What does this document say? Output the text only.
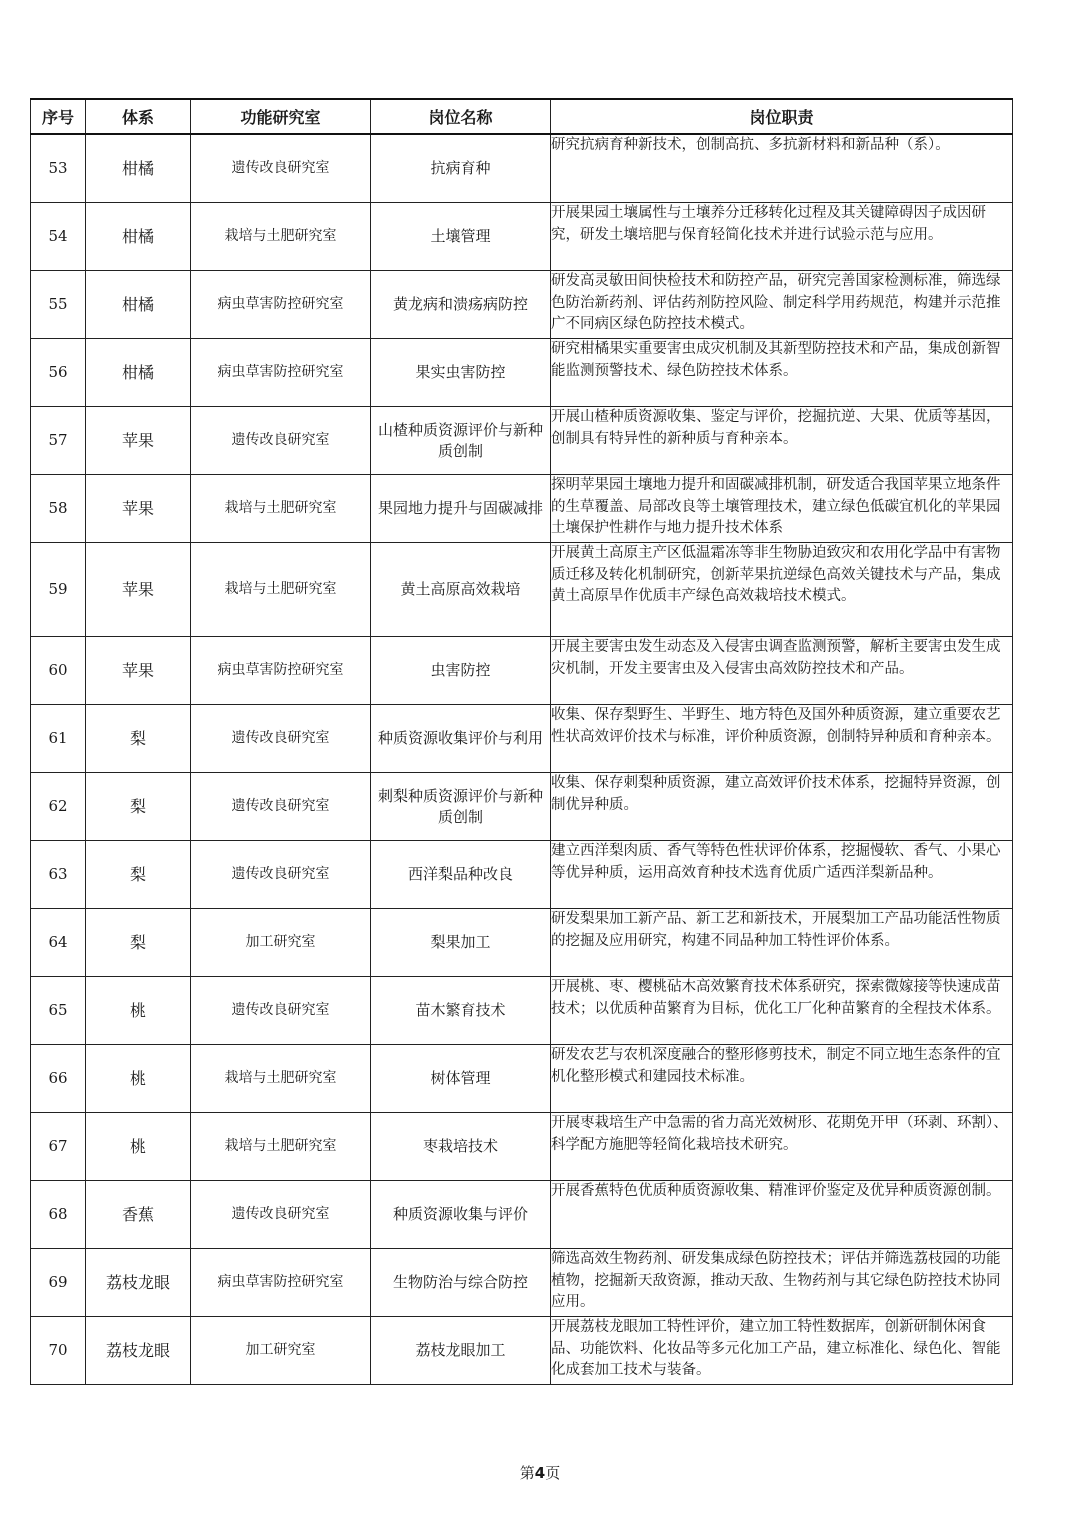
序号	体系	功能研究室	岗位名称	岗位职责
53	柑橘	遗传改良研究室	抗病育种	研究抗病育种新技术，创制高抗、多抗新材料和新品种（系）。
54	柑橘	栽培与土肥研究室	土壤管理	开展果园土壤属性与土壤养分迁移转化过程及其关键障碍因子成因研究，研发土壤培肥与保育轻简化技术并进行试验示范与应用。
55	柑橘	病虫草害防控研究室	黄龙病和溃疡病防控	研发高灵敏田间快检技术和防控产品，研究完善国家检测标准，筛选绿色防治新药剂、评估药剂防控风险、制定科学用药规范，构建并示范推广不同病区绿色防控技术模式。
56	柑橘	病虫草害防控研究室	果实虫害防控	研究柑橘果实重要害虫成灾机制及其新型防控技术和产品，集成创新智能监测预警技术、绿色防控技术体系。
57	苹果	遗传改良研究室	山楂种质资源评价与新种质创制	开展山楂种质资源收集、鉴定与评价，挖掘抗逆、大果、优质等基因，创制具有特异性的新种质与育种亲本。
58	苹果	栽培与土肥研究室	果园地力提升与固碳减排	探明苹果园土壤地力提升和固碳减排机制，研发适合我国苹果立地条件的生草覆盖、局部改良等土壤管理技术，建立绿色低碳宜机化的苹果园土壤保护性耕作与地力提升技术体系
59	苹果	栽培与土肥研究室	黄土高原高效栽培	开展黄土高原主产区低温霜冻等非生物胁迫致灾和农用化学品中有害物质迁移及转化机制研究，创新苹果抗逆绿色高效关键技术与产品，集成黄土高原旱作优质丰产绿色高效栽培技术模式。
60	苹果	病虫草害防控研究室	虫害防控	开展主要害虫发生动态及入侵害虫调查监测预警，解析主要害虫发生成灾机制，开发主要害虫及入侵害虫高效防控技术和产品。
61	梨	遗传改良研究室	种质资源收集评价与利用	收集、保存梨野生、半野生、地方特色及国外种质资源，建立重要农艺性状高效评价技术与标准，评价种质资源，创制特异种质和育种亲本。
62	梨	遗传改良研究室	刺梨种质资源评价与新种质创制	收集、保存刺梨种质资源，建立高效评价技术体系，挖掘特异资源，创制优异种质。
63	梨	遗传改良研究室	西洋梨品种改良	建立西洋梨肉质、香气等特色性状评价体系，挖掘慢软、香气、小果心等优异种质，运用高效育种技术选育优质广适西洋梨新品种。
64	梨	加工研究室	梨果加工	研发梨果加工新产品、新工艺和新技术，开展梨加工产品功能活性物质的挖掘及应用研究，构建不同品种加工特性评价体系。
65	桃	遗传改良研究室	苗木繁育技术	开展桃、枣、樱桃砧木高效繁育技术体系研究，探索微嫁接等快速成苗技术；以优质种苗繁育为目标，优化工厂化种苗繁育的全程技术体系。
66	桃	栽培与土肥研究室	树体管理	研发农艺与农机深度融合的整形修剪技术，制定不同立地生态条件的宜机化整形模式和建园技术标准。
67	桃	栽培与土肥研究室	枣栽培技术	开展枣栽培生产中急需的省力高光效树形、花期免开甲（环剥、环割）、科学配方施肥等轻简化栽培技术研究。
68	香蕉	遗传改良研究室	种质资源收集与评价	开展香蕉特色优质种质资源收集、精准评价鉴定及优异种质资源创制。
69	荔枝龙眼	病虫草害防控研究室	生物防治与综合防控	筛选高效生物药剂、研发集成绿色防控技术；评估并筛选荔枝园的功能植物，挖掘新天敌资源，推动天敌、生物药剂与其它绿色防控技术协同应用。
70	荔枝龙眼	加工研究室	荔枝龙眼加工	开展荔枝龙眼加工特性评价，建立加工特性数据库，创新研制休闲食品、功能饮料、化妆品等多元化加工产品，建立标准化、绿色化、智能化成套加工技术与装备。
第4页
